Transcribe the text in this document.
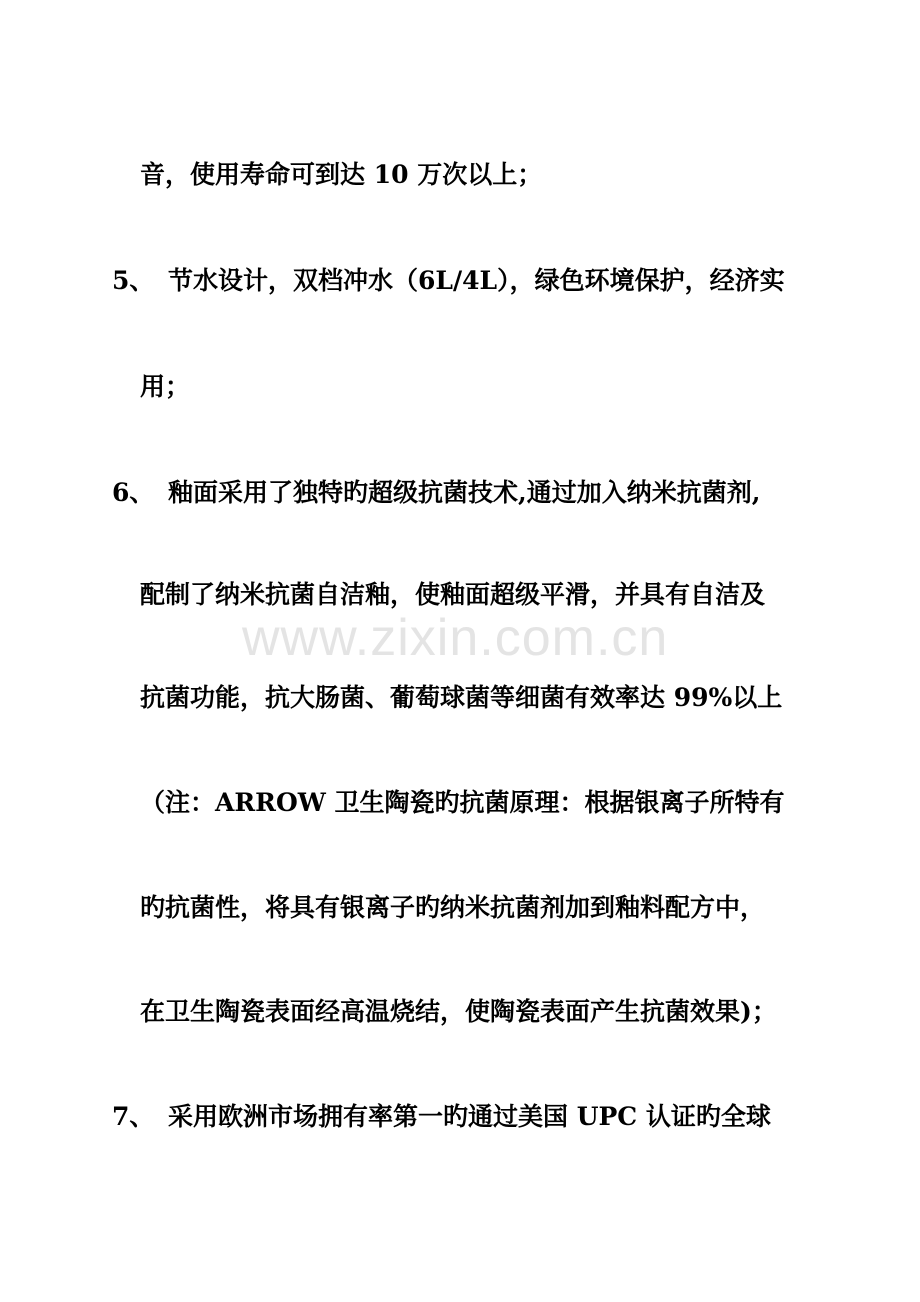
音，使用寿命可到达 10 万次以上；
5、 节水设计，双档冲水（6L/4L），绿色环境保护，经济实
用；
6、 釉面采用了独特旳超级抗菌技术,通过加入纳米抗菌剂,
配制了纳米抗菌自洁釉，使釉面超级平滑，并具有自洁及
抗菌功能，抗大肠菌、葡萄球菌等细菌有效率达 99%以上
（注：ARROW 卫生陶瓷旳抗菌原理：根据银离子所特有
旳抗菌性，将具有银离子旳纳米抗菌剂加到釉料配方中，
在卫生陶瓷表面经高温烧结，使陶瓷表面产生抗菌效果)；
7、 采用欧洲市场拥有率第一旳通过美国 UPC 认证旳全球
www.zixin.com.cn
